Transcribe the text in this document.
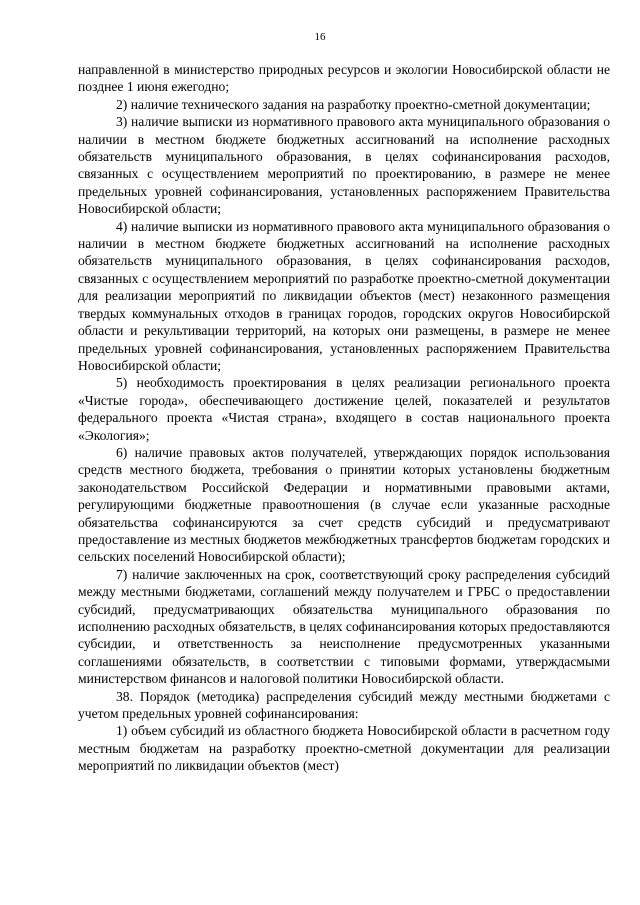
16

направленной в министерство природных ресурсов и экологии Новосибирской области не позднее 1 июня ежегодно;

2) наличие технического задания на разработку проектно-сметной документации;

3) наличие выписки из нормативного правового акта муниципального образования о наличии в местном бюджете бюджетных ассигнований на исполнение расходных обязательств муниципального образования, в целях софинансирования расходов, связанных с осуществлением мероприятий по проектированию, в размере не менее предельных уровней софинансирования, установленных распоряжением Правительства Новосибирской области;

4) наличие выписки из нормативного правового акта муниципального образования о наличии в местном бюджете бюджетных ассигнований на исполнение расходных обязательств муниципального образования, в целях софинансирования расходов, связанных с осуществлением мероприятий по разработке проектно-сметной документации для реализации мероприятий по ликвидации объектов (мест) незаконного размещения твердых коммунальных отходов в границах городов, городских округов Новосибирской области и рекультивации территорий, на которых они размещены, в размере не менее предельных уровней софинансирования, установленных распоряжением Правительства Новосибирской области;

5) необходимость проектирования в целях реализации регионального проекта «Чистые города», обеспечивающего достижение целей, показателей и результатов федерального проекта «Чистая страна», входящего в состав национального проекта «Экология»;

6) наличие правовых актов получателей, утверждающих порядок использования средств местного бюджета, требования о принятии которых установлены бюджетным законодательством Российской Федерации и нормативными правовыми актами, регулирующими бюджетные правоотношения (в случае если указанные расходные обязательства софинансируются за счет средств субсидий и предусматривают предоставление из местных бюджетов межбюджетных трансфертов бюджетам городских и сельских поселений Новосибирской области);

7) наличие заключенных на срок, соответствующий сроку распределения субсидий между местными бюджетами, соглашений между получателем и ГРБС о предоставлении субсидий, предусматривающих обязательства муниципального образования по исполнению расходных обязательств, в целях софинансирования которых предоставляются субсидии, и ответственность за неисполнение предусмотренных указанными соглашениями обязательств, в соответствии с типовыми формами, утверждасмыми министерством финансов и налоговой политики Новосибирской области.

38. Порядок (методика) распределения субсидий между местными бюджетами с учетом предельных уровней софинансирования:

1) объем субсидий из областного бюджета Новосибирской области в расчетном году местным бюджетам на разработку проектно-сметной документации для реализации мероприятий по ликвидации объектов (мест)
